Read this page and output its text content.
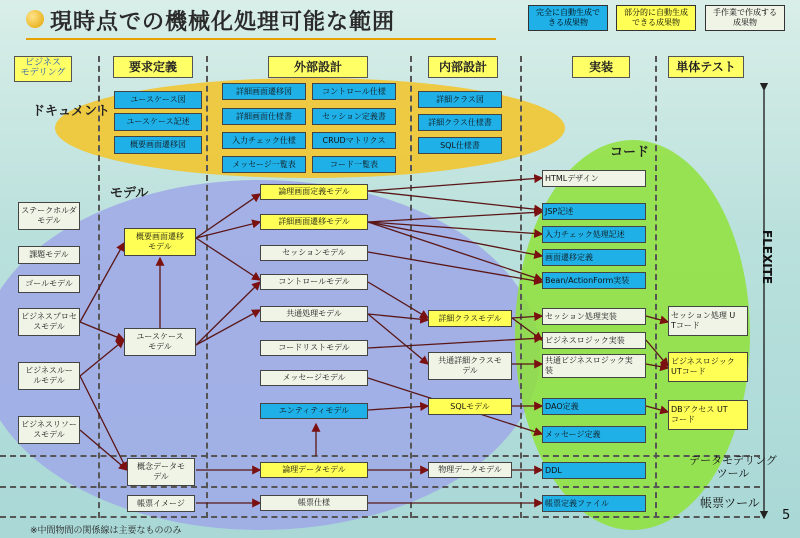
現時点での機械化処理可能な範囲	完全に自動生成で
きる成果物
部分的に自動生成
できる成果物
手作業で作成する
成果物
ビジネス
モデリング	要求定義	外部設計	内部設計	実装	単体テスト
ドキュメント
モデル
コード
ユースケース図
ユースケース記述
概要画面遷移図
詳細画面遷移図	コントロール仕様
詳細画面仕様書	セッション定義書
入力チェック仕様	CRUDマトリクス
メッセージ一覧表	コード一覧表
詳細クラス図
詳細クラス仕様書
SQL仕様書
ステークホルダ
モデル
課題モデル
ゴールモデル
ビジネスプロセ
スモデル
ビジネスルー
ルモデル
ビジネスリソー
スモデル
概要画面遷移
モデル
ユースケース
モデル
概念データモ
デル
帳票イメージ
論理画面定義モデル
詳細画面遷移モデル
セッションモデル
コントロールモデル
共通処理モデル
コードリストモデル
メッセージモデル
エンティティモデル
論理データモデル
帳票仕様
詳細クラスモデル
共通詳細クラスモ
デル
SQLモデル
物理データモデル
HTMLデザイン
JSP記述
入力チェック処理記述
画面遷移定義
Bean/ActionForm実装
セッション処理実装
ビジネスロジック実装
共通ビジネスロジック実
装
DAO定義
メッセージ定義
DDL
帳票定義ファイル
セッション処理 U
Tコード
ビジネスロジック
UTコード
DBアクセス UT
コード
FLEXITE
データモデリング
ツール
帳票ツール
5
※中間物間の関係線は主要なもののみ
